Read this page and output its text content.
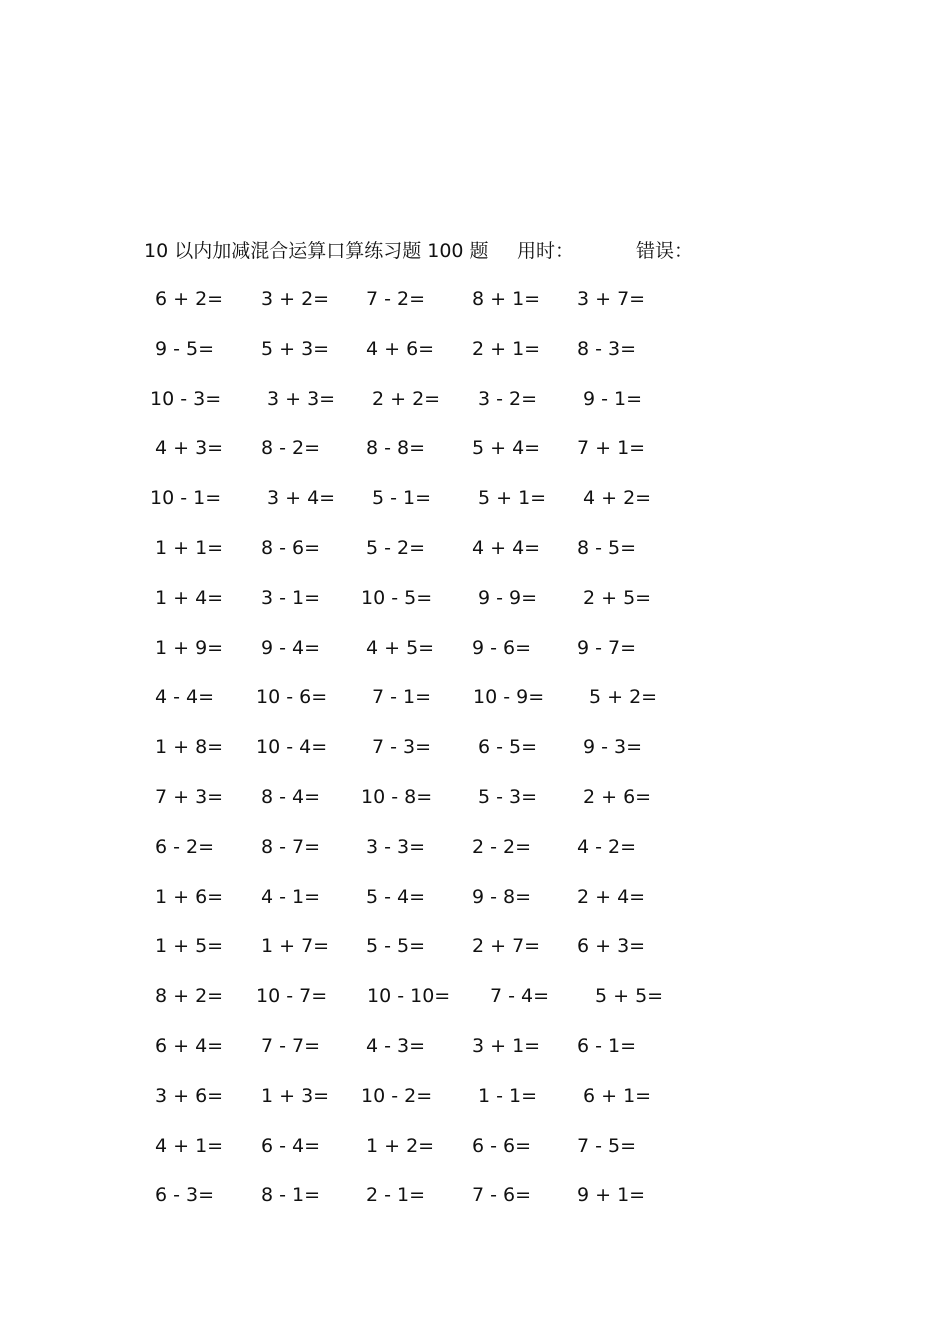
10 以内加减混合运算口算练习题 100 题 用时：	错误：
6 + 2= 3 + 2= 7 - 2= 8 + 1= 3 + 7=
9 - 5= 5 + 3= 4 + 6= 2 + 1= 8 - 3=
10 - 3= 3 + 3= 2 + 2= 3 - 2= 9 - 1=
4 + 3= 8 - 2= 8 - 8= 5 + 4= 7 + 1=
10 - 1= 3 + 4= 5 - 1= 5 + 1= 4 + 2=
1 + 1= 8 - 6= 5 - 2= 4 + 4= 8 - 5=
1 + 4= 3 - 1= 10 - 5= 9 - 9= 2 + 5=
1 + 9= 9 - 4= 4 + 5= 9 - 6= 9 - 7=
4 - 4= 10 - 6= 7 - 1= 10 - 9= 5 + 2=
1 + 8= 10 - 4= 7 - 3= 6 - 5= 9 - 3=
7 + 3= 8 - 4= 10 - 8= 5 - 3= 2 + 6=
6 - 2= 8 - 7= 3 - 3= 2 - 2= 4 - 2=
1 + 6= 4 - 1= 5 - 4= 9 - 8= 2 + 4=
1 + 5= 1 + 7= 5 - 5= 2 + 7= 6 + 3=
8 + 2= 10 - 7= 10 - 10= 7 - 4= 5 + 5=
6 + 4= 7 - 7= 4 - 3= 3 + 1= 6 - 1=
3 + 6= 1 + 3= 10 - 2= 1 - 1= 6 + 1=
4 + 1= 6 - 4= 1 + 2= 6 - 6= 7 - 5=
6 - 3= 8 - 1= 2 - 1= 7 - 6= 9 + 1=
